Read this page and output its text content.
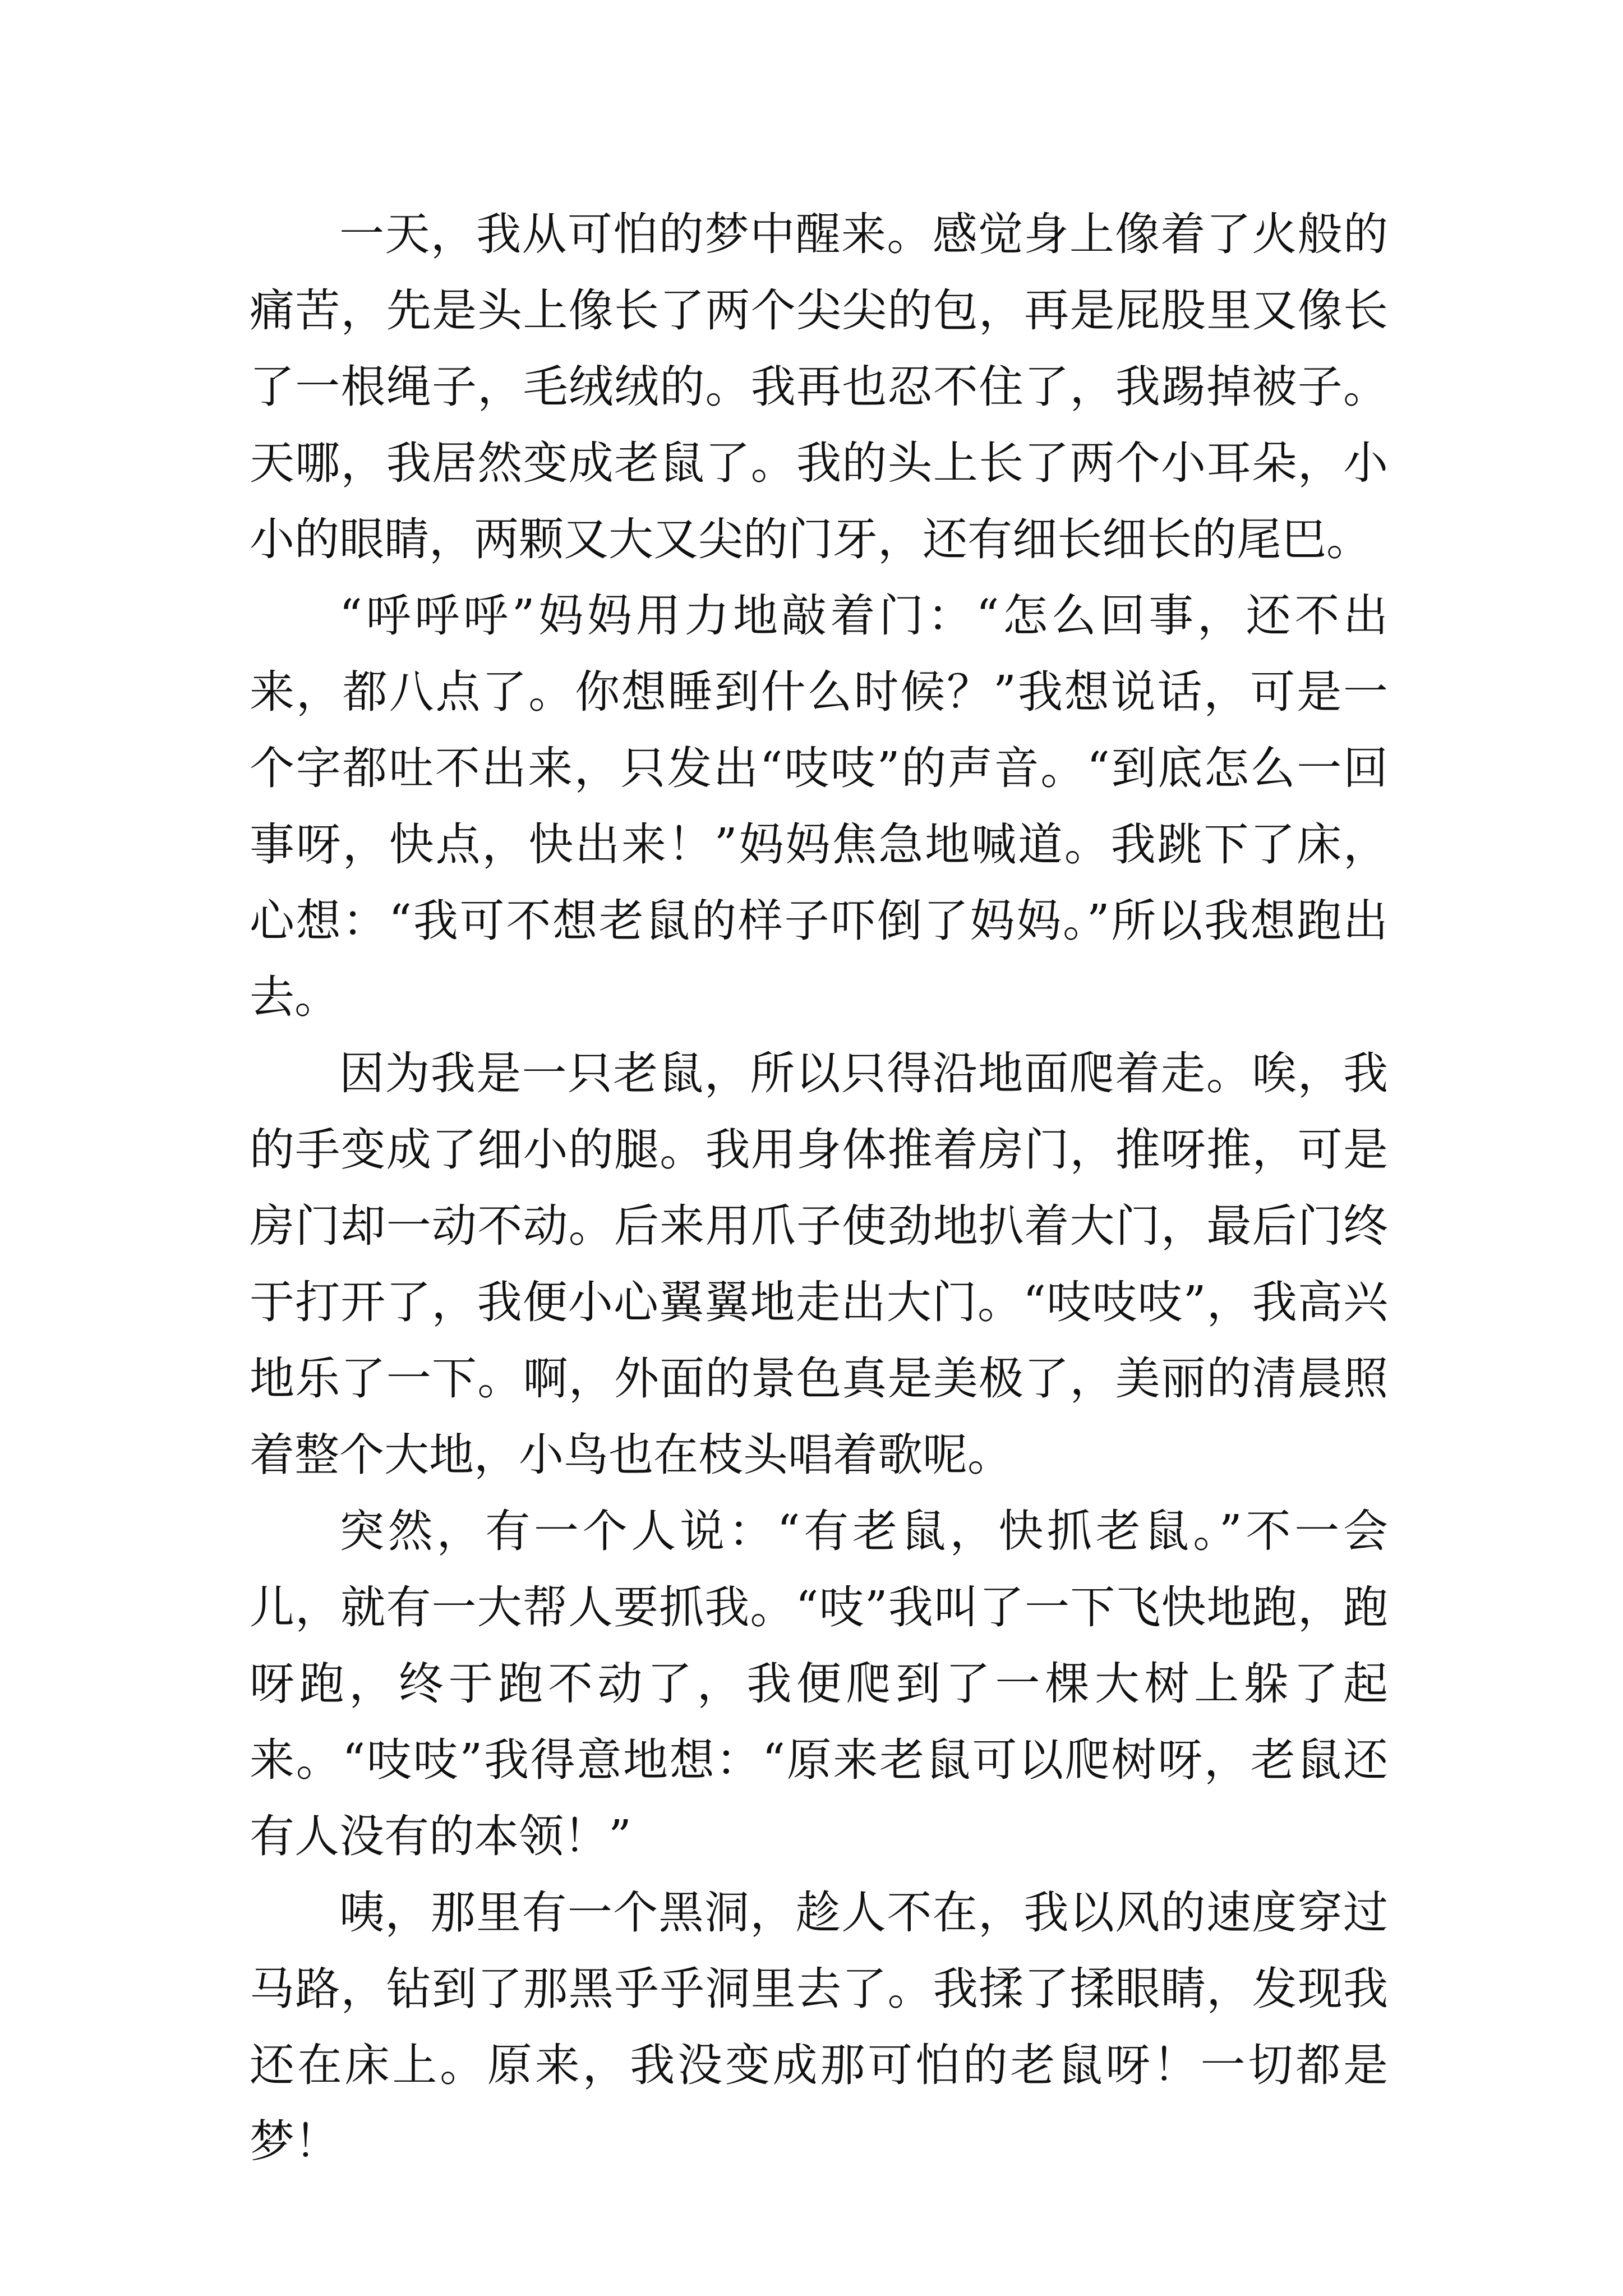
一天，我从可怕的梦中醒来。感觉身上像着了火般的痛苦，先是头上像长了两个尖尖的包，再是屁股里又像长了一根绳子，毛绒绒的。我再也忍不住了，我踢掉被子。天哪，我居然变成老鼠了。我的头上长了两个小耳朵，小小的眼睛，两颗又大又尖的门牙，还有细长细长的尾巴。

“呼呼呼”妈妈用力地敲着门：“怎么回事，还不出来，都八点了。你想睡到什么时候？”我想说话，可是一个字都吐不出来，只发出“吱吱”的声音。“到底怎么一回事呀，快点，快出来！”妈妈焦急地喊道。我跳下了床，心想：“我可不想老鼠的样子吓倒了妈妈。”所以我想跑出去。

因为我是一只老鼠，所以只得沿地面爬着走。唉，我的手变成了细小的腿。我用身体推着房门，推呀推，可是房门却一动不动。后来用爪子使劲地扒着大门，最后门终于打开了，我便小心翼翼地走出大门。“吱吱吱”，我高兴地乐了一下。啊，外面的景色真是美极了，美丽的清晨照着整个大地，小鸟也在枝头唱着歌呢。

突然，有一个人说：“有老鼠，快抓老鼠。”不一会儿，就有一大帮人要抓我。“吱”我叫了一下飞快地跑，跑呀跑，终于跑不动了，我便爬到了一棵大树上躲了起来。“吱吱”我得意地想：“原来老鼠可以爬树呀，老鼠还有人没有的本领！”

咦，那里有一个黑洞，趁人不在，我以风的速度穿过马路，钻到了那黑乎乎洞里去了。我揉了揉眼睛，发现我还在床上。原来，我没变成那可怕的老鼠呀！一切都是梦！
